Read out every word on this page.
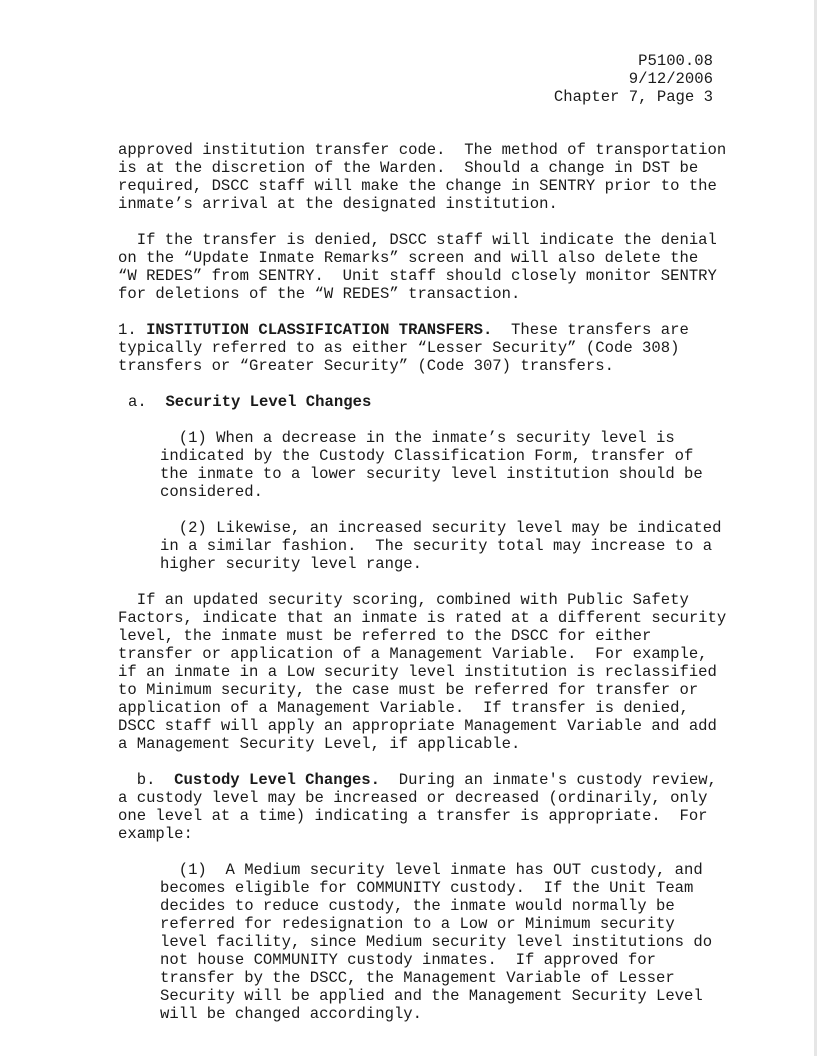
P5100.08
9/12/2006
Chapter 7, Page 3
approved institution transfer code.  The method of transportation
is at the discretion of the Warden.  Should a change in DST be
required, DSCC staff will make the change in SENTRY prior to the
inmate’s arrival at the designated institution.
If the transfer is denied, DSCC staff will indicate the denial
on the “Update Inmate Remarks” screen and will also delete the
“W REDES” from SENTRY.  Unit staff should closely monitor SENTRY
for deletions of the “W REDES” transaction.
1. INSTITUTION CLASSIFICATION TRANSFERS.  These transfers are
typically referred to as either “Lesser Security” (Code 308)
transfers or “Greater Security” (Code 307) transfers.
a.  Security Level Changes
(1) When a decrease in the inmate’s security level is
indicated by the Custody Classification Form, transfer of
the inmate to a lower security level institution should be
considered.
(2) Likewise, an increased security level may be indicated
in a similar fashion.  The security total may increase to a
higher security level range.
If an updated security scoring, combined with Public Safety
Factors, indicate that an inmate is rated at a different security
level, the inmate must be referred to the DSCC for either
transfer or application of a Management Variable.  For example,
if an inmate in a Low security level institution is reclassified
to Minimum security, the case must be referred for transfer or
application of a Management Variable.  If transfer is denied,
DSCC staff will apply an appropriate Management Variable and add
a Management Security Level, if applicable.
b.  Custody Level Changes.  During an inmate's custody review,
a custody level may be increased or decreased (ordinarily, only
one level at a time) indicating a transfer is appropriate.  For
example:
(1)  A Medium security level inmate has OUT custody, and
becomes eligible for COMMUNITY custody.  If the Unit Team
decides to reduce custody, the inmate would normally be
referred for redesignation to a Low or Minimum security
level facility, since Medium security level institutions do
not house COMMUNITY custody inmates.  If approved for
transfer by the DSCC, the Management Variable of Lesser
Security will be applied and the Management Security Level
will be changed accordingly.
